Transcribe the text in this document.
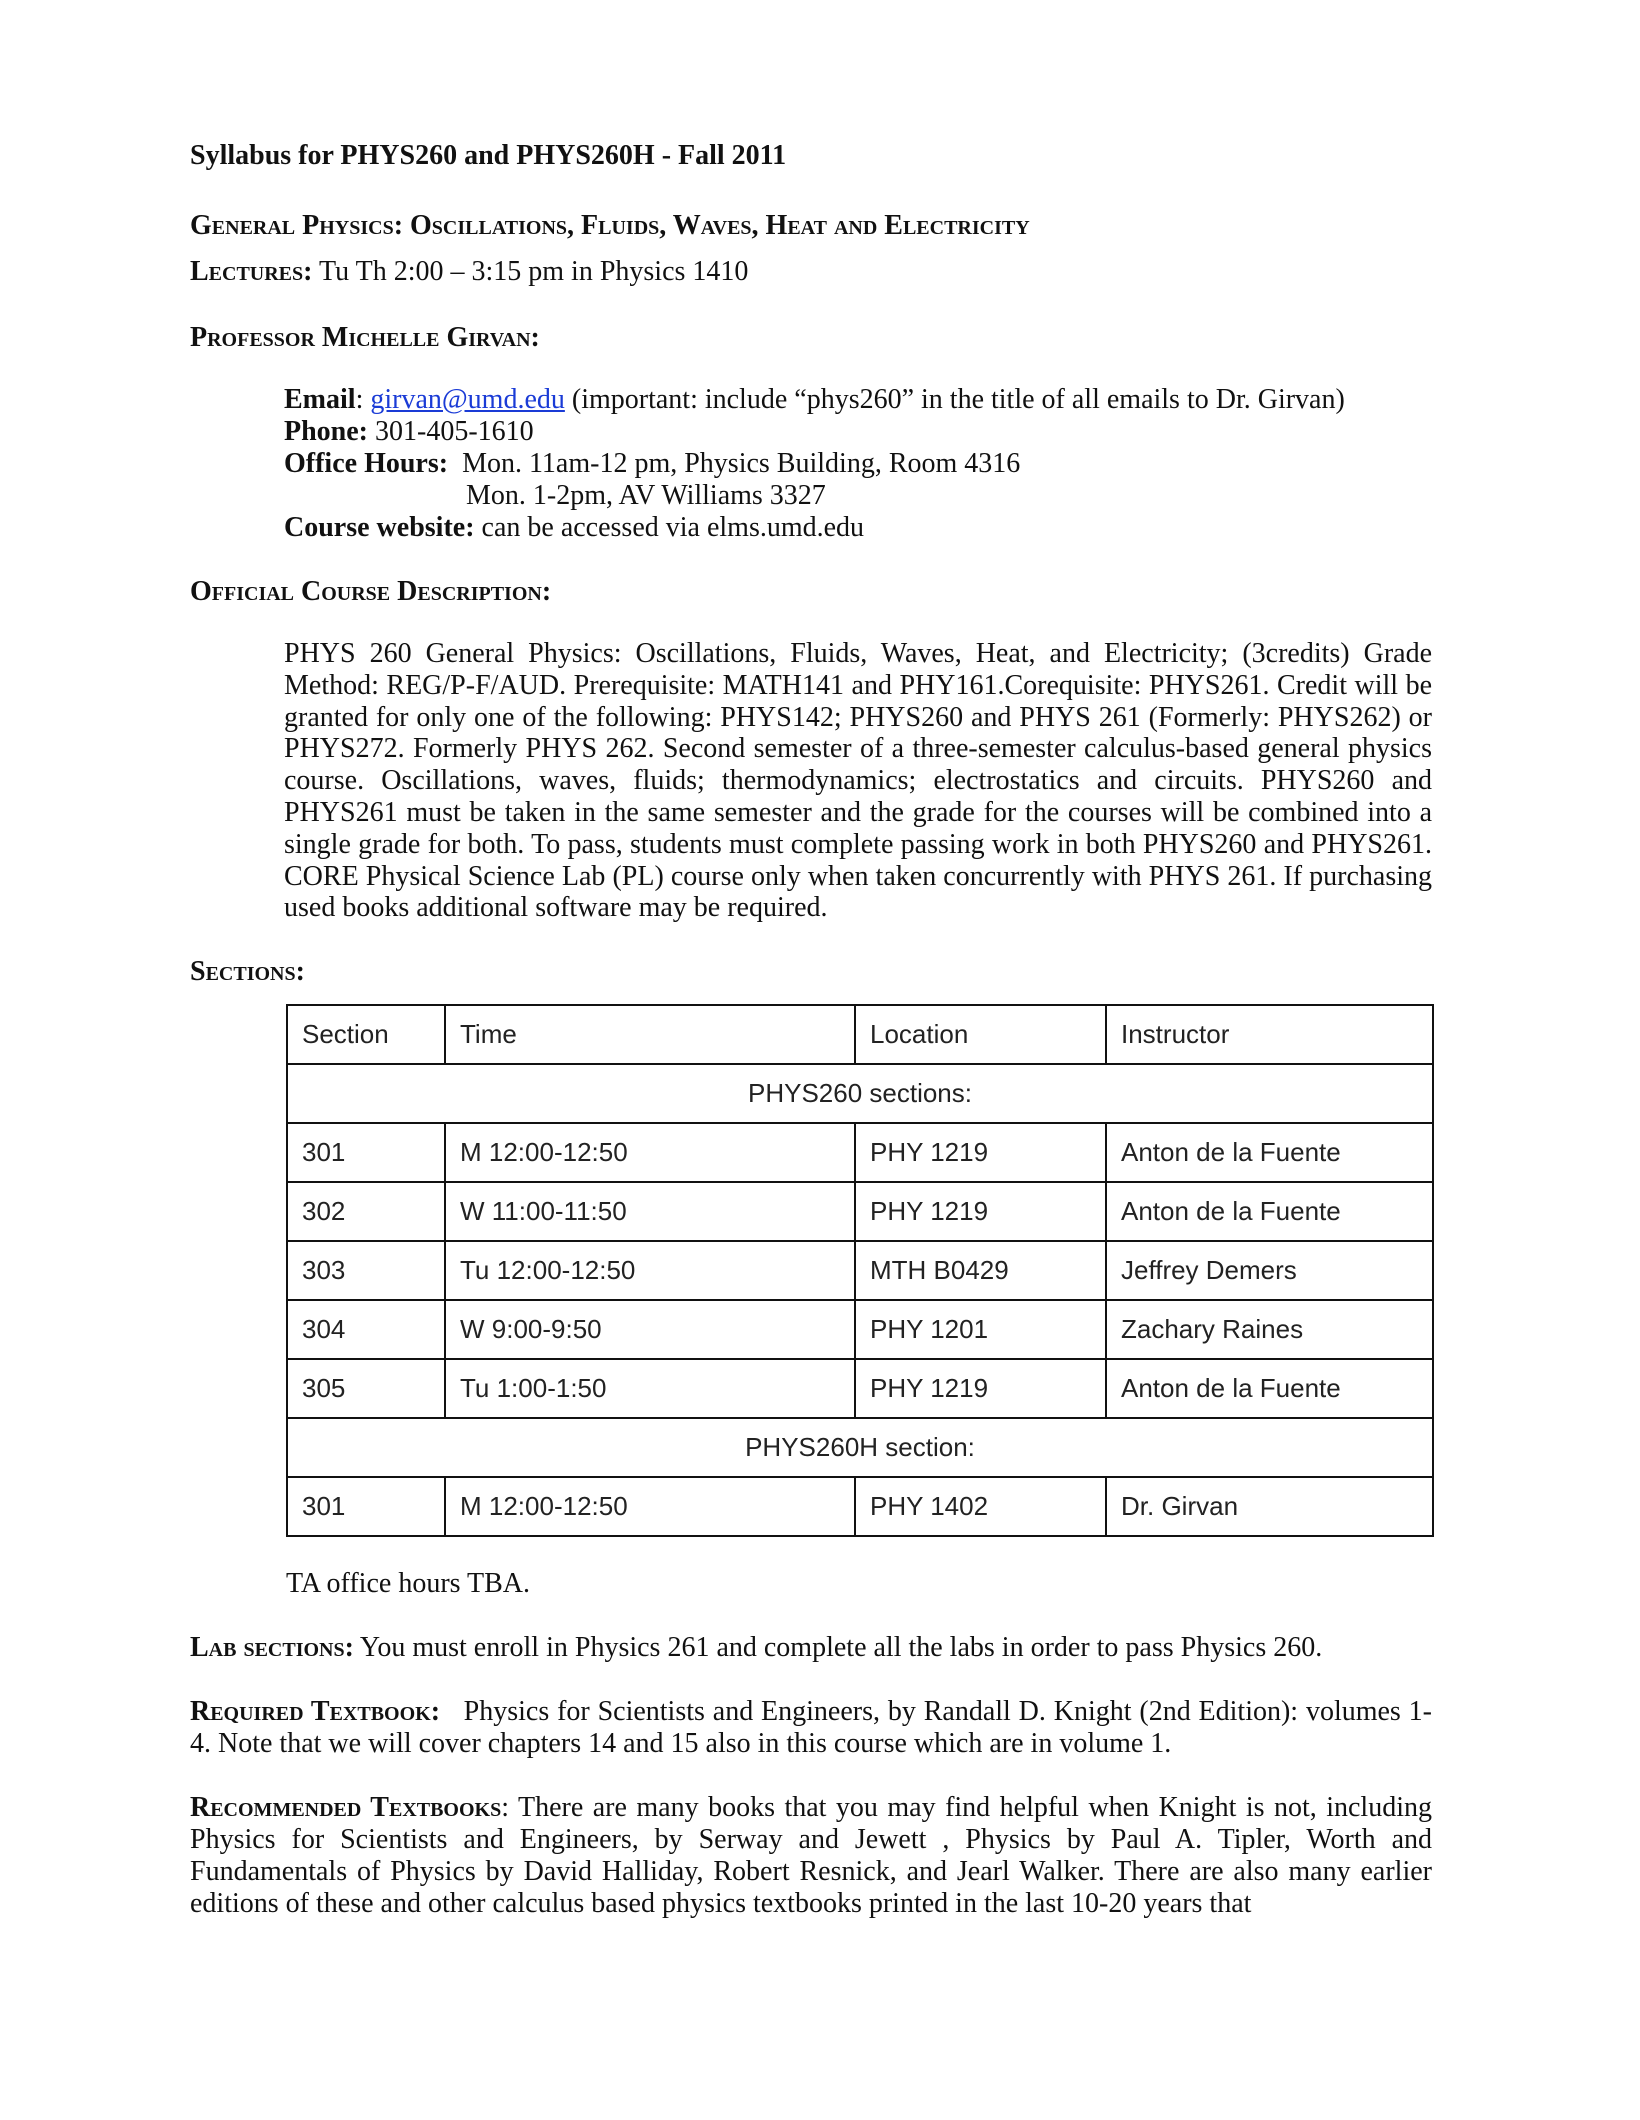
Syllabus for PHYS260 and PHYS260H - Fall 2011
General Physics: Oscillations, Fluids, Waves, Heat and Electricity
Lectures: Tu Th 2:00 – 3:15 pm in Physics 1410
Professor Michelle Girvan:
Email: girvan@umd.edu (important: include “phys260” in the title of all emails to Dr. Girvan)
Phone: 301-405-1610
Office Hours: Mon. 11am-12 pm, Physics Building, Room 4316
Mon. 1-2pm, AV Williams 3327
Course website: can be accessed via elms.umd.edu
Official Course Description:
PHYS 260 General Physics: Oscillations, Fluids, Waves, Heat, and Electricity; (3credits) Grade Method: REG/P-F/AUD. Prerequisite: MATH141 and PHY161.Corequisite: PHYS261. Credit will be granted for only one of the following: PHYS142; PHYS260 and PHYS 261 (Formerly: PHYS262) or PHYS272. Formerly PHYS 262. Second semester of a three-semester calculus-based general physics course. Oscillations, waves, fluids; thermodynamics; electrostatics and circuits. PHYS260 and PHYS261 must be taken in the same semester and the grade for the courses will be combined into a single grade for both. To pass, students must complete passing work in both PHYS260 and PHYS261. CORE Physical Science Lab (PL) course only when taken concurrently with PHYS 261. If purchasing used books additional software may be required.
Sections:
Section	Time	Location	Instructor
PHYS260 sections:			
301	M 12:00-12:50	PHY 1219	Anton de la Fuente
302	W 11:00-11:50	PHY 1219	Anton de la Fuente
303	Tu 12:00-12:50	MTH B0429	Jeffrey Demers
304	W 9:00-9:50	PHY 1201	Zachary Raines
305	Tu 1:00-1:50	PHY 1219	Anton de la Fuente
PHYS260H section:			
301	M 12:00-12:50	PHY 1402	Dr. Girvan
TA office hours TBA.
Lab sections: You must enroll in Physics 261 and complete all the labs in order to pass Physics 260.
Required Textbook: Physics for Scientists and Engineers, by Randall D. Knight (2nd Edition): volumes 1-4. Note that we will cover chapters 14 and 15 also in this course which are in volume 1.
Recommended Textbooks: There are many books that you may find helpful when Knight is not, including Physics for Scientists and Engineers, by Serway and Jewett , Physics by Paul A. Tipler, Worth and Fundamentals of Physics by David Halliday, Robert Resnick, and Jearl Walker. There are also many earlier editions of these and other calculus based physics textbooks printed in the last 10-20 years that
